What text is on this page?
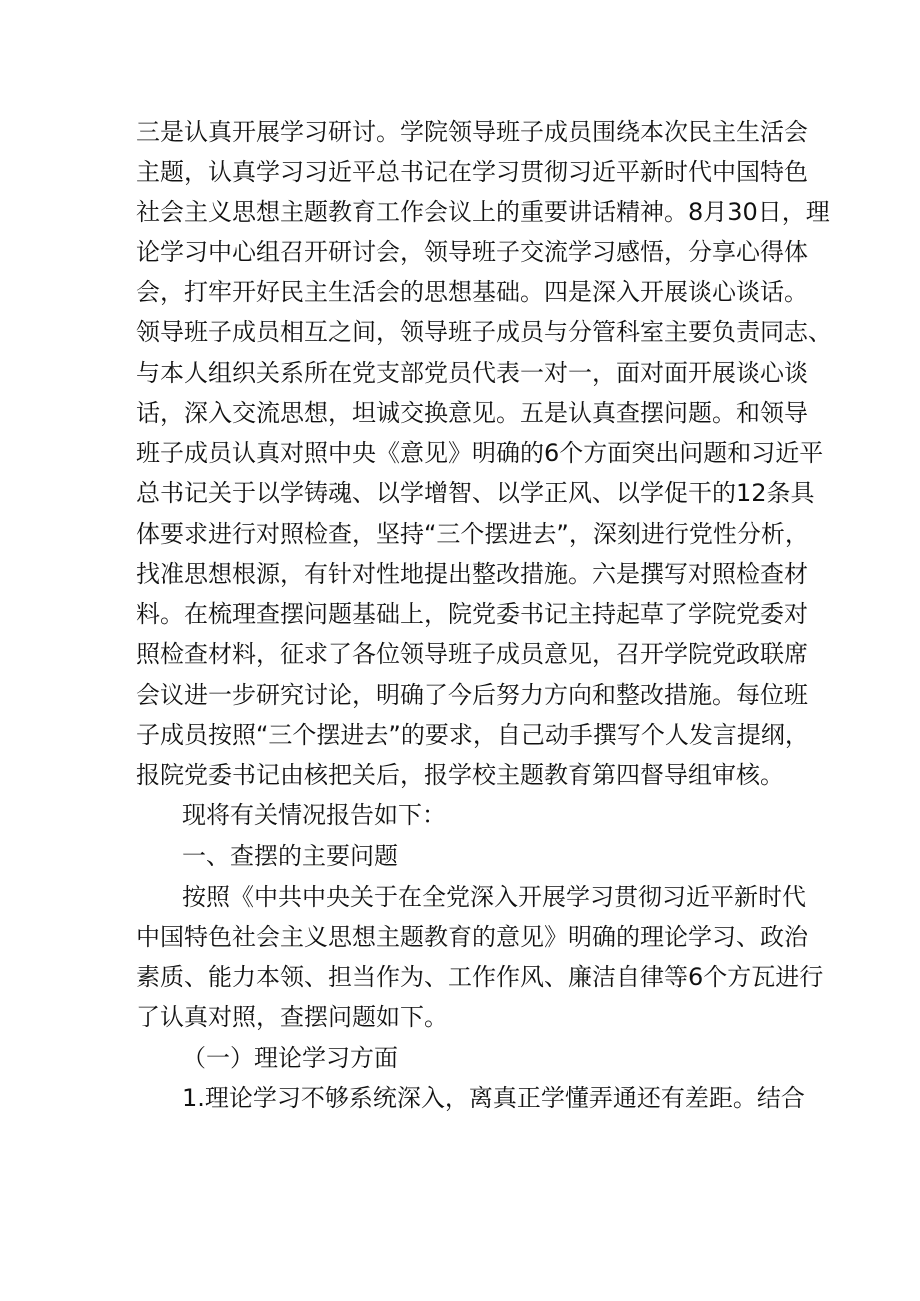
三是认真开展学习研讨。学院领导班子成员围绕本次民主生活会
主题，认真学习习近平总书记在学习贯彻习近平新时代中国特色
社会主义思想主题教育工作会议上的重要讲话精神。8月30日，理
论学习中心组召开研讨会，领导班子交流学习感悟，分享心得体
会，打牢开好民主生活会的思想基础。四是深入开展谈心谈话。
领导班子成员相互之间，领导班子成员与分管科室主要负责同志、
与本人组织关系所在党支部党员代表一对一，面对面开展谈心谈
话，深入交流思想，坦诚交换意见。五是认真查摆问题。和领导
班子成员认真对照中央《意见》明确的6个方面突出问题和习近平
总书记关于以学铸魂、以学增智、以学正风、以学促干的12条具
体要求进行对照检查，坚持“三个摆进去”，深刻进行党性分析，
找准思想根源，有针对性地提出整改措施。六是撰写对照检查材
料。在梳理查摆问题基础上，院党委书记主持起草了学院党委对
照检查材料，征求了各位领导班子成员意见，召开学院党政联席
会议进一步研究讨论，明确了今后努力方向和整改措施。每位班
子成员按照“三个摆进去”的要求，自己动手撰写个人发言提纲，
报院党委书记由核把关后，报学校主题教育第四督导组审核。
现将有关情况报告如下：
一、查摆的主要问题
按照《中共中央关于在全党深入开展学习贯彻习近平新时代
中国特色社会主义思想主题教育的意见》明确的理论学习、政治
素质、能力本领、担当作为、工作作风、廉洁自律等6个方瓦进行
了认真对照，查摆问题如下。
（一）理论学习方面
1.理论学习不够系统深入，离真正学懂弄通还有差距。结合
